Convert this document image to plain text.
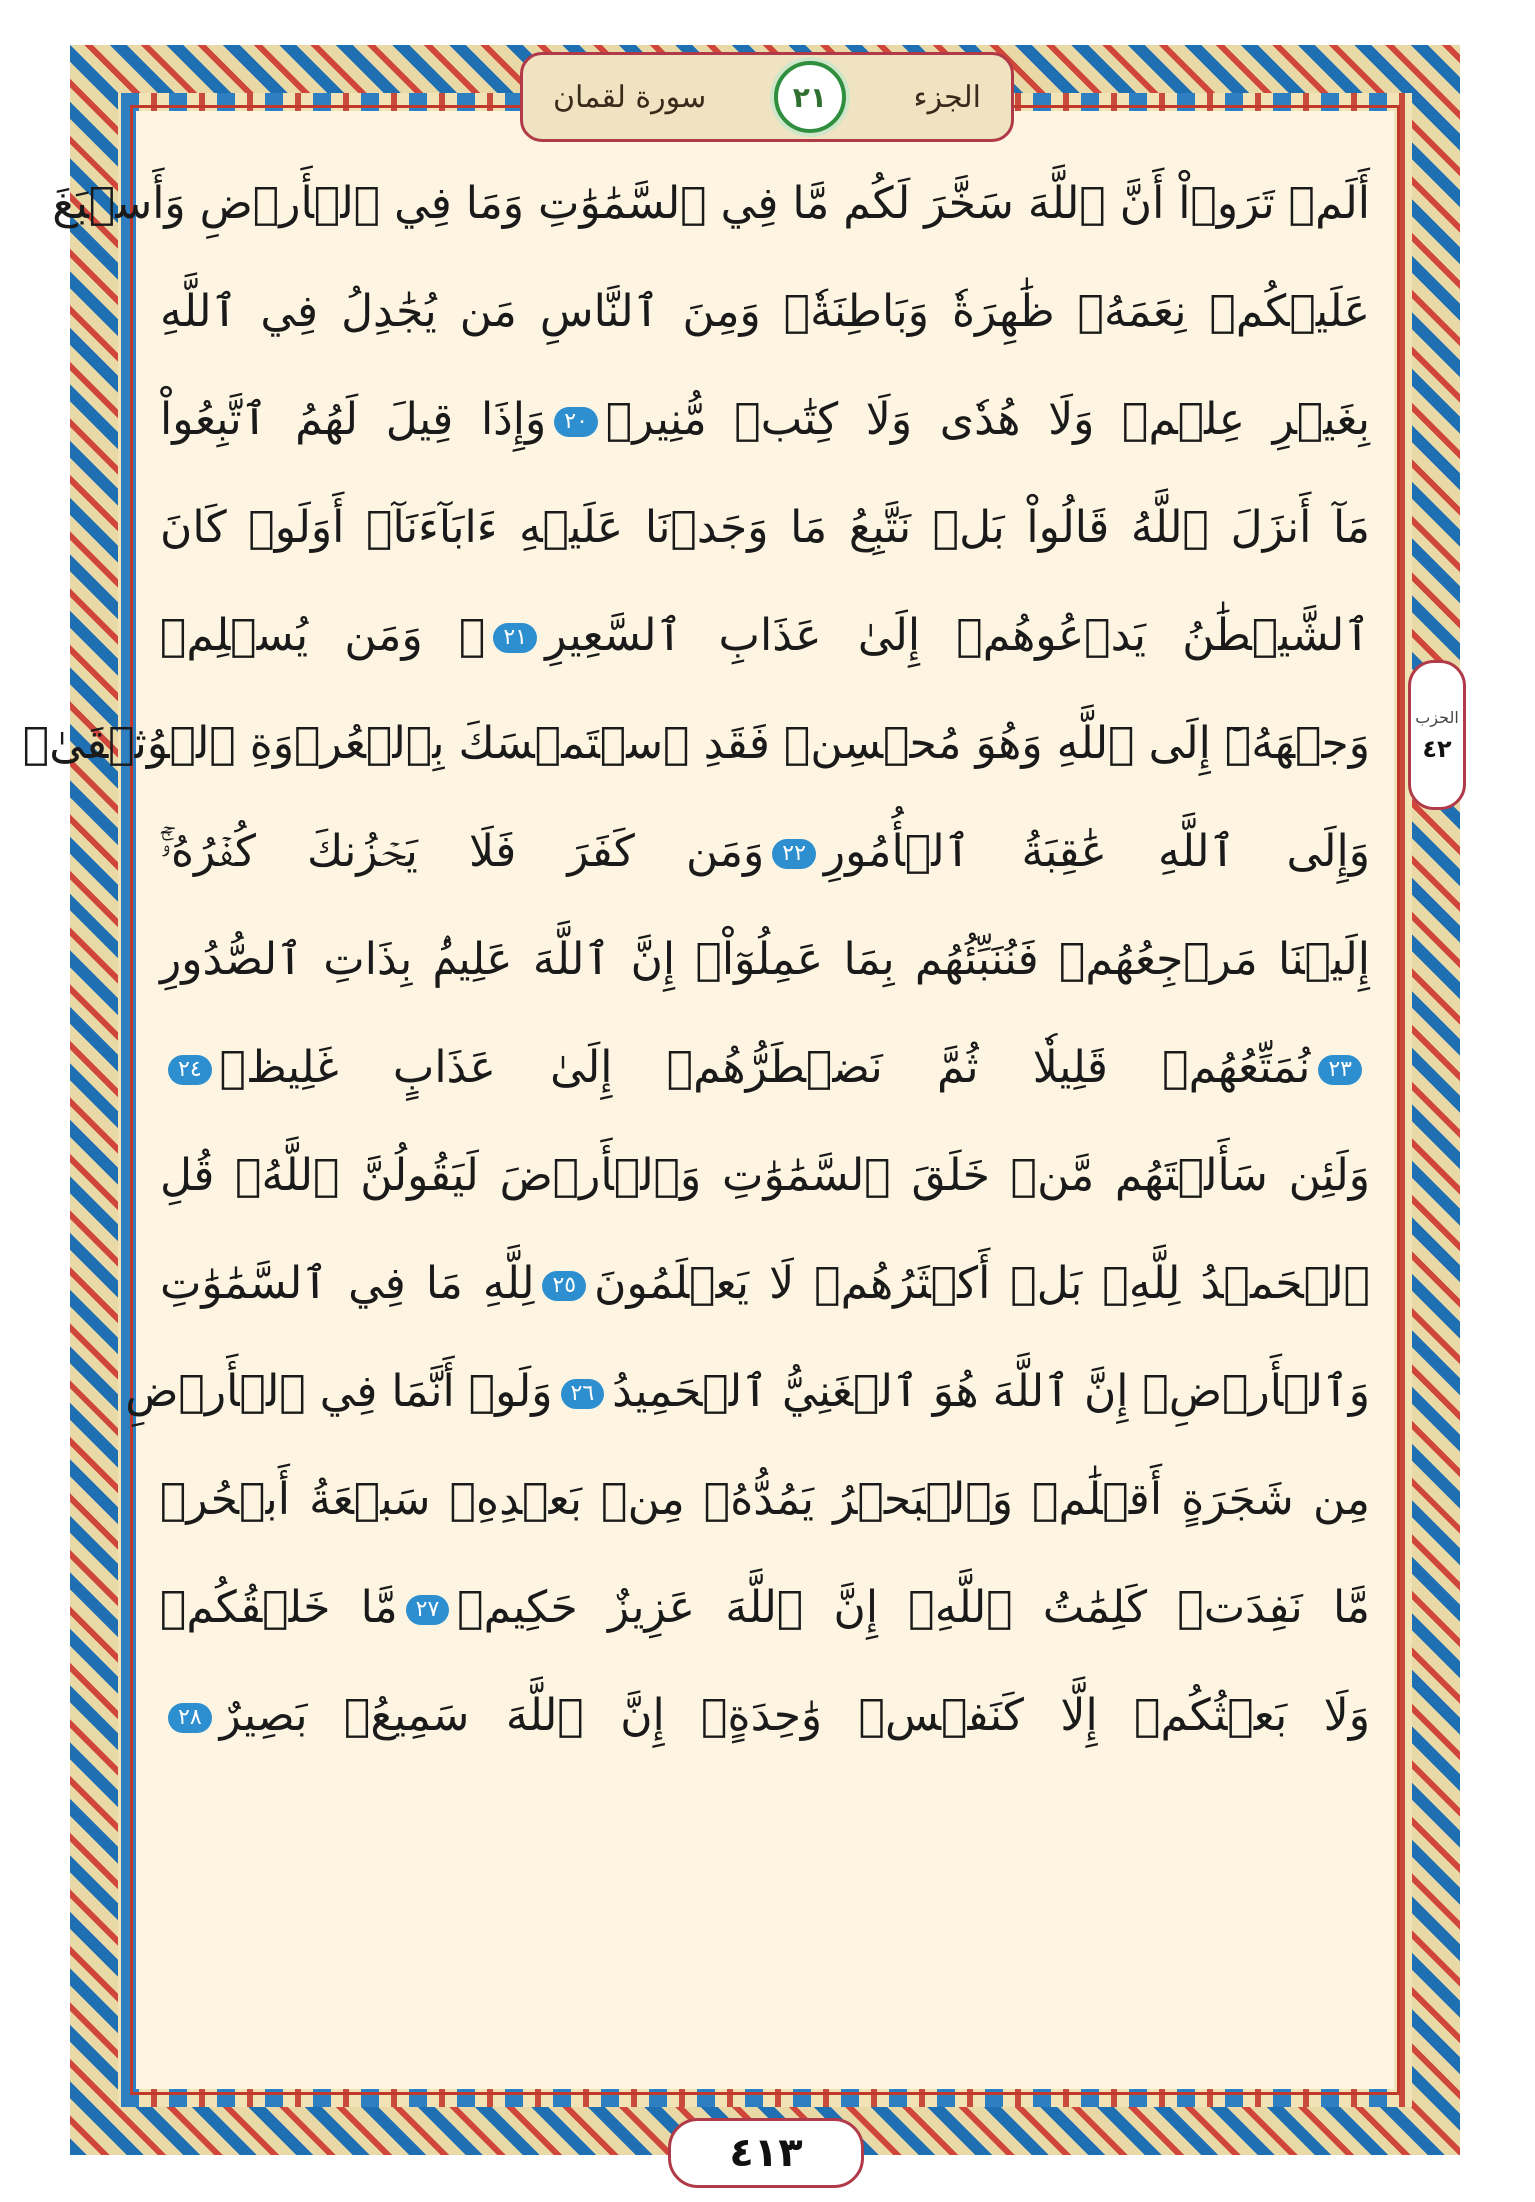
سورة لقمان	٢١	الجزء
الحزب
٤٢
أَلَمۡ تَرَوۡاْ أَنَّ ٱللَّهَ سَخَّرَ لَكُم مَّا فِي ٱلسَّمَٰوَٰتِ وَمَا فِي ٱلۡأَرۡضِ وَأَسۡبَغَ
عَلَيۡكُمۡ نِعَمَهُۥ ظَٰهِرَةٗ وَبَاطِنَةٗۗ وَمِنَ ٱلنَّاسِ مَن يُجَٰدِلُ فِي ٱللَّهِ
بِغَيۡرِ عِلۡمٖ وَلَا هُدٗى وَلَا كِتَٰبٖ مُّنِيرٖ٢٠وَإِذَا قِيلَ لَهُمُ ٱتَّبِعُواْ
مَآ أَنزَلَ ٱللَّهُ قَالُواْ بَلۡ نَتَّبِعُ مَا وَجَدۡنَا عَلَيۡهِ ءَابَآءَنَآۚ أَوَلَوۡ كَانَ
ٱلشَّيۡطَٰنُ يَدۡعُوهُمۡ إِلَىٰ عَذَابِ ٱلسَّعِيرِ٢١۞ وَمَن يُسۡلِمۡ
وَجۡهَهُۥٓ إِلَى ٱللَّهِ وَهُوَ مُحۡسِنٞ فَقَدِ ٱسۡتَمۡسَكَ بِٱلۡعُرۡوَةِ ٱلۡوُثۡقَىٰۗ
وَإِلَى ٱللَّهِ عَٰقِبَةُ ٱلۡأُمُورِ٢٢وَمَن كَفَرَ فَلَا يَحۡزُنكَ كُفۡرُهُۥٓۚ
إِلَيۡنَا مَرۡجِعُهُمۡ فَنُنَبِّئُهُم بِمَا عَمِلُوٓاْۚ إِنَّ ٱللَّهَ عَلِيمُۢ بِذَاتِ ٱلصُّدُورِ
٢٣نُمَتِّعُهُمۡ قَلِيلٗا ثُمَّ نَضۡطَرُّهُمۡ إِلَىٰ عَذَابٍ غَلِيظٖ٢٤
وَلَئِن سَأَلۡتَهُم مَّنۡ خَلَقَ ٱلسَّمَٰوَٰتِ وَٱلۡأَرۡضَ لَيَقُولُنَّ ٱللَّهُۚ قُلِ
ٱلۡحَمۡدُ لِلَّهِۚ بَلۡ أَكۡثَرُهُمۡ لَا يَعۡلَمُونَ٢٥لِلَّهِ مَا فِي ٱلسَّمَٰوَٰتِ
وَٱلۡأَرۡضِۚ إِنَّ ٱللَّهَ هُوَ ٱلۡغَنِيُّ ٱلۡحَمِيدُ٢٦وَلَوۡ أَنَّمَا فِي ٱلۡأَرۡضِ
مِن شَجَرَةٍ أَقۡلَٰمٞ وَٱلۡبَحۡرُ يَمُدُّهُۥ مِنۢ بَعۡدِهِۦ سَبۡعَةُ أَبۡحُرٖ
مَّا نَفِدَتۡ كَلِمَٰتُ ٱللَّهِۚ إِنَّ ٱللَّهَ عَزِيزٌ حَكِيمٞ٢٧مَّا خَلۡقُكُمۡ
وَلَا بَعۡثُكُمۡ إِلَّا كَنَفۡسٖ وَٰحِدَةٍۚ إِنَّ ٱللَّهَ سَمِيعُۢ بَصِيرٌ٢٨
٤١٣
